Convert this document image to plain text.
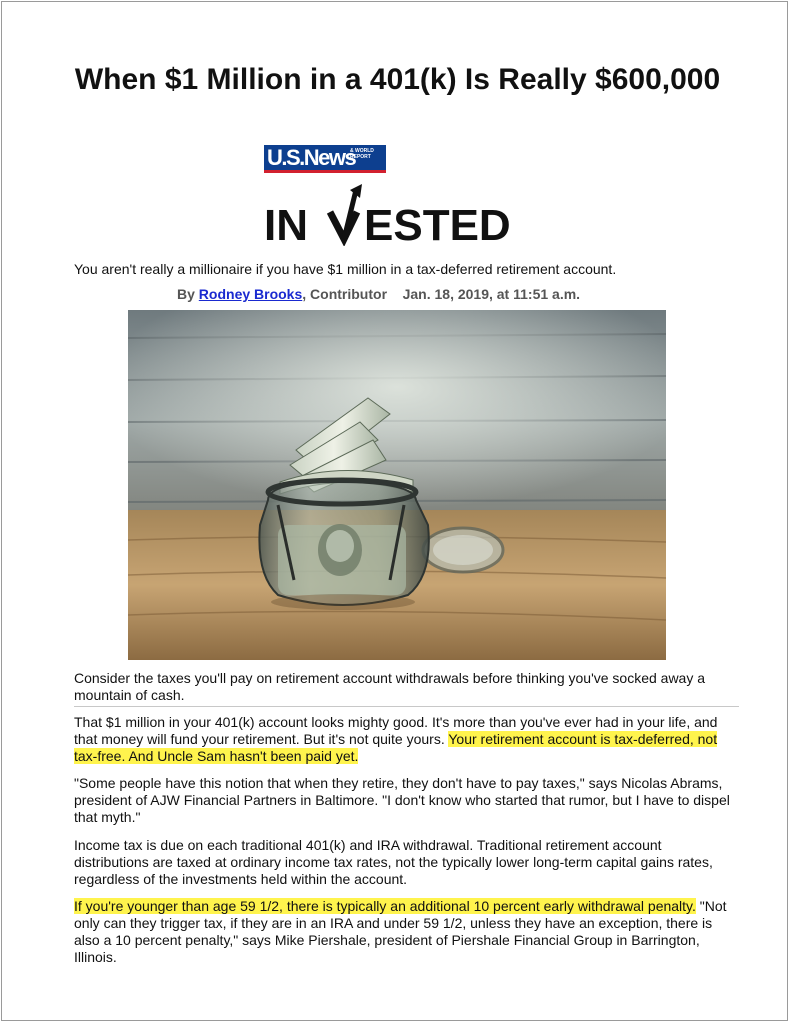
When $1 Million in a 401(k) Is Really $600,000
U.S.News
& WORLD REPORT
IN ESTED
You aren't really a millionaire if you have $1 million in a tax-deferred retirement account.
By Rodney Brooks, Contributor Jan. 18, 2019, at 11:51 a.m.
Consider the taxes you'll pay on retirement account withdrawals before thinking you've socked away a mountain of cash.
That $1 million in your 401(k) account looks mighty good. It's more than you've ever had in your life, and that money will fund your retirement. But it's not quite yours. Your retirement account is tax-deferred, not tax-free. And Uncle Sam hasn't been paid yet.
"Some people have this notion that when they retire, they don't have to pay taxes," says Nicolas Abrams, president of AJW Financial Partners in Baltimore. "I don't know who started that rumor, but I have to dispel that myth."
Income tax is due on each traditional 401(k) and IRA withdrawal. Traditional retirement account distributions are taxed at ordinary income tax rates, not the typically lower long-term capital gains rates, regardless of the investments held within the account.
If you're younger than age 59 1/2, there is typically an additional 10 percent early withdrawal penalty. "Not only can they trigger tax, if they are in an IRA and under 59 1/2, unless they have an exception, there is also a 10 percent penalty," says Mike Piershale, president of Piershale Financial Group in Barrington, Illinois.
